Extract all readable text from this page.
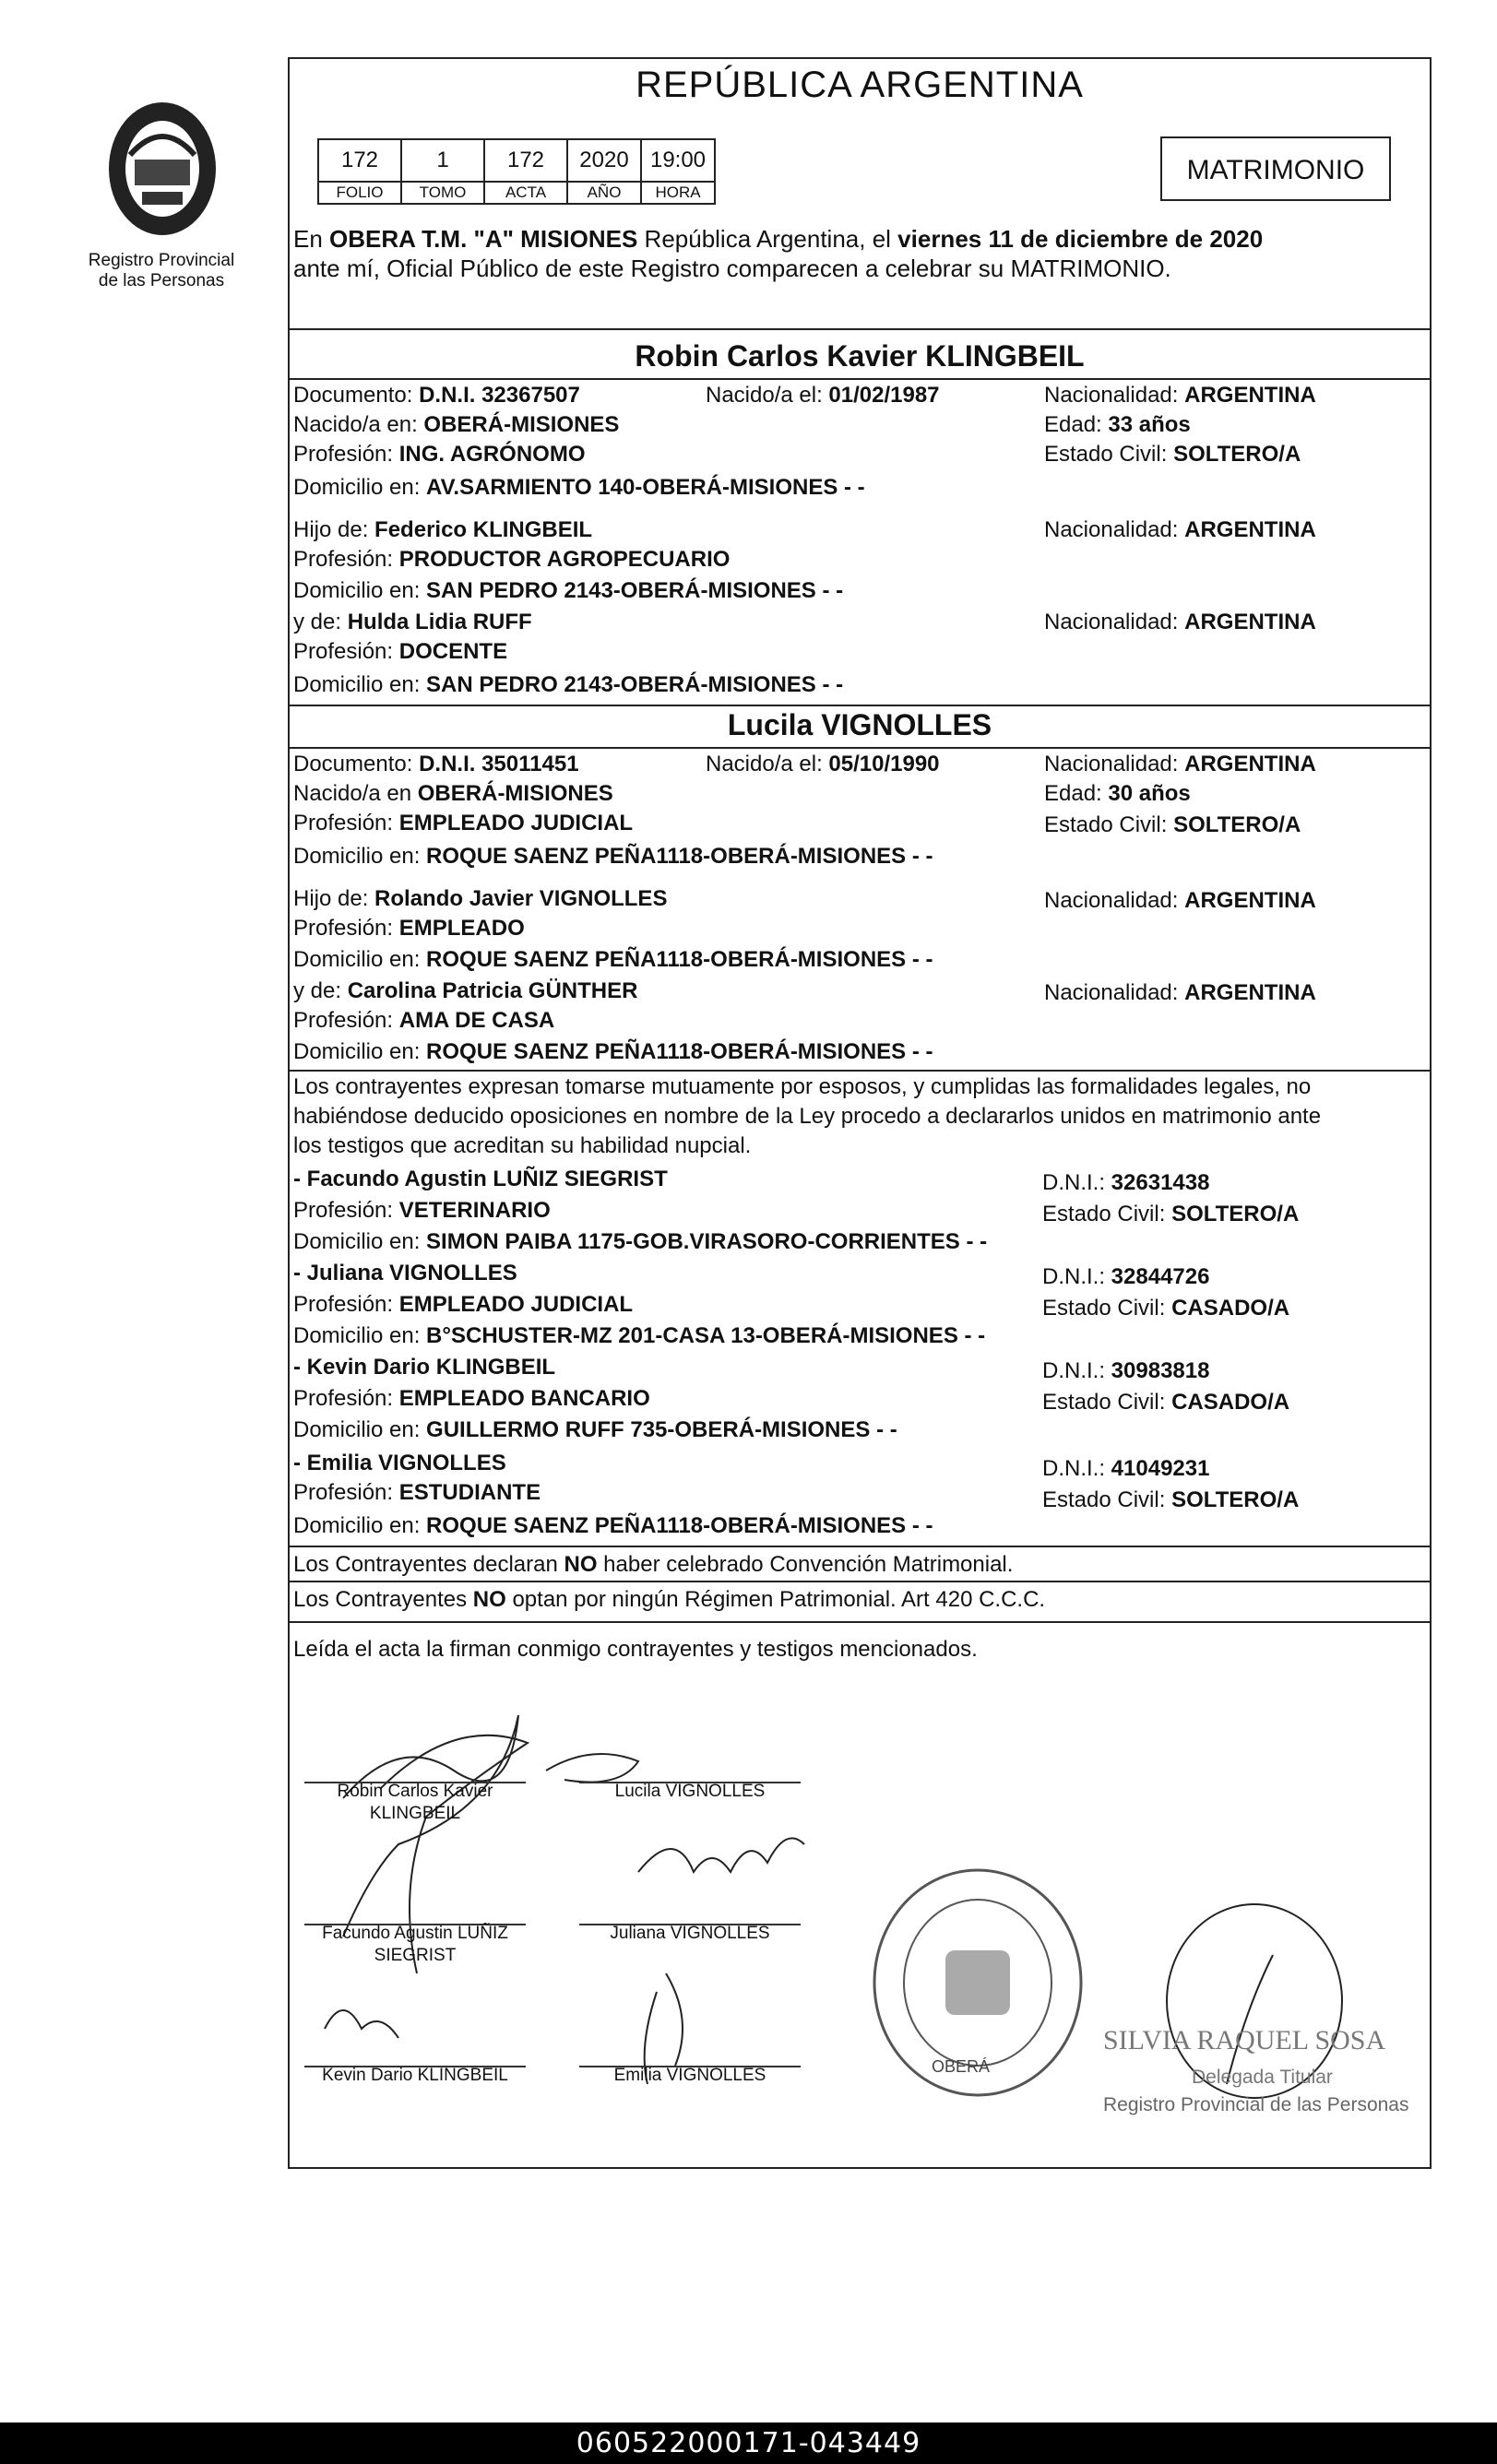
Registro Provincial
de las Personas
REPÚBLICA ARGENTINA
172	1	172	2020	19:00
FOLIO	TOMO	ACTA	AÑO	HORA
MATRIMONIO
En OBERA T.M. "A" MISIONES República Argentina, el viernes 11 de diciembre de 2020
ante mí, Oficial Público de este Registro comparecen a celebrar su MATRIMONIO.
Robin Carlos Kavier KLINGBEIL
Documento: D.N.I. 32367507	Nacido/a el: 01/02/1987	Nacionalidad: ARGENTINA
Nacido/a en: OBERÁ-MISIONES	Edad: 33 años
Profesión: ING. AGRÓNOMO	Estado Civil: SOLTERO/A
Domicilio en: AV.SARMIENTO 140-OBERÁ-MISIONES - -
Hijo de: Federico KLINGBEIL	Nacionalidad: ARGENTINA
Profesión: PRODUCTOR AGROPECUARIO
Domicilio en: SAN PEDRO 2143-OBERÁ-MISIONES - -
y de: Hulda Lidia RUFF	Nacionalidad: ARGENTINA
Profesión: DOCENTE
Domicilio en: SAN PEDRO 2143-OBERÁ-MISIONES - -
Lucila VIGNOLLES
Documento: D.N.I. 35011451	Nacido/a el: 05/10/1990	Nacionalidad: ARGENTINA
Nacido/a en OBERÁ-MISIONES	Edad: 30 años
Profesión: EMPLEADO JUDICIAL	Estado Civil: SOLTERO/A
Domicilio en: ROQUE SAENZ PEÑA1118-OBERÁ-MISIONES - -
Hijo de: Rolando Javier VIGNOLLES	Nacionalidad: ARGENTINA
Profesión: EMPLEADO
Domicilio en: ROQUE SAENZ PEÑA1118-OBERÁ-MISIONES - -
y de: Carolina Patricia GÜNTHER	Nacionalidad: ARGENTINA
Profesión: AMA DE CASA
Domicilio en: ROQUE SAENZ PEÑA1118-OBERÁ-MISIONES - -
Los contrayentes expresan tomarse mutuamente por esposos, y cumplidas las formalidades legales, no
habiéndose deducido oposiciones en nombre de la Ley procedo a declararlos unidos en matrimonio ante
los testigos que acreditan su habilidad nupcial.
- Facundo Agustin LUÑIZ SIEGRIST	D.N.I.: 32631438
Profesión: VETERINARIO	Estado Civil: SOLTERO/A
Domicilio en: SIMON PAIBA 1175-GOB.VIRASORO-CORRIENTES - -
- Juliana VIGNOLLES	D.N.I.: 32844726
Profesión: EMPLEADO JUDICIAL	Estado Civil: CASADO/A
Domicilio en: B°SCHUSTER-MZ 201-CASA 13-OBERÁ-MISIONES - -
- Kevin Dario KLINGBEIL	D.N.I.: 30983818
Profesión: EMPLEADO BANCARIO	Estado Civil: CASADO/A
Domicilio en: GUILLERMO RUFF 735-OBERÁ-MISIONES - -
- Emilia VIGNOLLES	D.N.I.: 41049231
Profesión: ESTUDIANTE	Estado Civil: SOLTERO/A
Domicilio en: ROQUE SAENZ PEÑA1118-OBERÁ-MISIONES - -
Los Contrayentes declaran NO haber celebrado Convención Matrimonial.
Los Contrayentes NO optan por ningún Régimen Patrimonial. Art 420 C.C.C.
Leída el acta la firman conmigo contrayentes y testigos mencionados.
Robin Carlos Kavier
KLINGBEIL
Lucila VIGNOLLES
Facundo Agustin LUÑIZ
SIEGRIST
Juliana VIGNOLLES
Kevin Dario KLINGBEIL	Emilia VIGNOLLES	OBERÁ
SILVIA RAQUEL SOSA
Delegada Titular
Registro Provincial de las Personas
060522000171-043449
